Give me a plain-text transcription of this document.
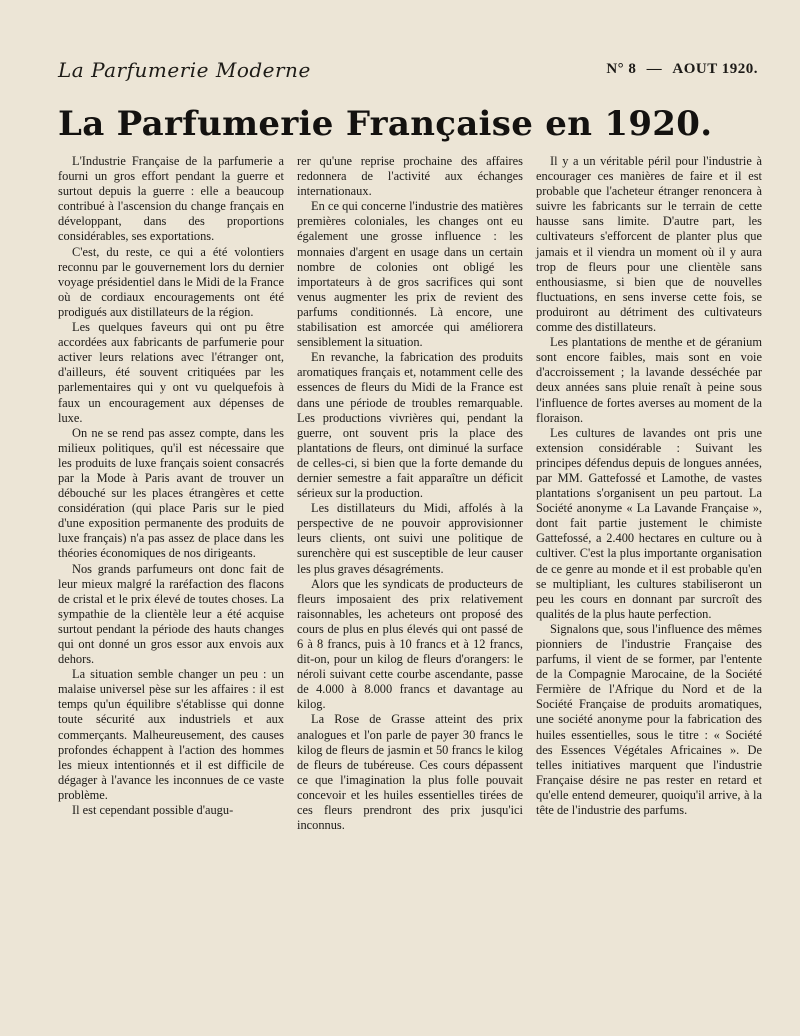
La Parfumerie Moderne	N° 8 — AOUT 1920.
La Parfumerie Française en 1920.

L'Industrie Française de la parfumerie a fourni un gros effort pendant la guerre et surtout depuis la guerre : elle a beaucoup contribué à l'ascension du change français en développant, dans des proportions considérables, ses exportations.

C'est, du reste, ce qui a été volontiers reconnu par le gouvernement lors du dernier voyage présidentiel dans le Midi de la France où de cordiaux encouragements ont été prodigués aux distillateurs de la région.

Les quelques faveurs qui ont pu être accordées aux fabricants de parfumerie pour activer leurs relations avec l'étranger ont, d'ailleurs, été souvent critiquées par les parlementaires qui y ont vu quelquefois à faux un encouragement aux dépenses de luxe.

On ne se rend pas assez compte, dans les milieux politiques, qu'il est nécessaire que les produits de luxe français soient consacrés par la Mode à Paris avant de trouver un débouché sur les places étrangères et cette considération (qui place Paris sur le pied d'une exposition permanente des produits de luxe français) n'a pas assez de place dans les théories économiques de nos dirigeants.

Nos grands parfumeurs ont donc fait de leur mieux malgré la raréfaction des flacons de cristal et le prix élevé de toutes choses. La sympathie de la clientèle leur a été acquise surtout pendant la période des hauts changes qui ont donné un gros essor aux envois aux dehors.

La situation semble changer un peu : un malaise universel pèse sur les affaires : il est temps qu'un équilibre s'établisse qui donne toute sécurité aux industriels et aux commerçants. Malheureusement, des causes profondes échappent à l'action des hommes les mieux intentionnés et il est difficile de dégager à l'avance les inconnues de ce vaste problème.

Il est cependant possible d'augu-

rer qu'une reprise prochaine des affaires redonnera de l'activité aux échanges internationaux.

En ce qui concerne l'industrie des matières premières coloniales, les changes ont eu également une grosse influence : les monnaies d'argent en usage dans un certain nombre de colonies ont obligé les importateurs à de gros sacrifices qui sont venus augmenter les prix de revient des parfums conditionnés. Là encore, une stabilisation est amorcée qui améliorera sensiblement la situation.

En revanche, la fabrication des produits aromatiques français et, notamment celle des essences de fleurs du Midi de la France est dans une période de troubles remarquable. Les productions vivrières qui, pendant la guerre, ont souvent pris la place des plantations de fleurs, ont diminué la surface de celles-ci, si bien que la forte demande du dernier semestre a fait apparaître un déficit sérieux sur la production.

Les distillateurs du Midi, affolés à la perspective de ne pouvoir approvisionner leurs clients, ont suivi une politique de surenchère qui est susceptible de leur causer les plus graves désagréments.

Alors que les syndicats de producteurs de fleurs imposaient des prix relativement raisonnables, les acheteurs ont proposé des cours de plus en plus élevés qui ont passé de 6 à 8 francs, puis à 10 francs et à 12 francs, dit-on, pour un kilog de fleurs d'orangers: le néroli suivant cette courbe ascendante, passe de 4.000 à 8.000 francs et davantage au kilog.

La Rose de Grasse atteint des prix analogues et l'on parle de payer 30 francs le kilog de fleurs de jasmin et 50 francs le kilog de fleurs de tubéreuse. Ces cours dépassent ce que l'imagination la plus folle pouvait concevoir et les huiles essentielles tirées de ces fleurs prendront des prix jusqu'ici inconnus.

Il y a un véritable péril pour l'industrie à encourager ces manières de faire et il est probable que l'acheteur étranger renoncera à suivre les fabricants sur le terrain de cette hausse sans limite. D'autre part, les cultivateurs s'efforcent de planter plus que jamais et il viendra un moment où il y aura trop de fleurs pour une clientèle sans enthousiasme, si bien que de nouvelles fluctuations, en sens inverse cette fois, se produiront au détriment des cultivateurs comme des distillateurs.

Les plantations de menthe et de géranium sont encore faibles, mais sont en voie d'accroissement ; la lavande desséchée par deux années sans pluie renaît à peine sous l'influence de fortes averses au moment de la floraison.

Les cultures de lavandes ont pris une extension considérable : Suivant les principes défendus depuis de longues années, par MM. Gattefossé et Lamothe, de vastes plantations s'organisent un peu partout. La Société anonyme « La Lavande Française », dont fait partie justement le chimiste Gattefossé, a 2.400 hectares en culture ou à cultiver. C'est la plus importante organisation de ce genre au monde et il est probable qu'en se multipliant, les cultures stabiliseront un peu les cours en donnant par surcroît des qualités de la plus haute perfection.

Signalons que, sous l'influence des mêmes pionniers de l'industrie Française des parfums, il vient de se former, par l'entente de la Compagnie Marocaine, de la Société Fermière de l'Afrique du Nord et de la Société Française de produits aromatiques, une société anonyme pour la fabrication des huiles essentielles, sous le titre : « Société des Essences Végétales Africaines ». De telles initiatives marquent que l'industrie Française désire ne pas rester en retard et qu'elle entend demeurer, quoiqu'il arrive, à la tête de l'industrie des parfums.
